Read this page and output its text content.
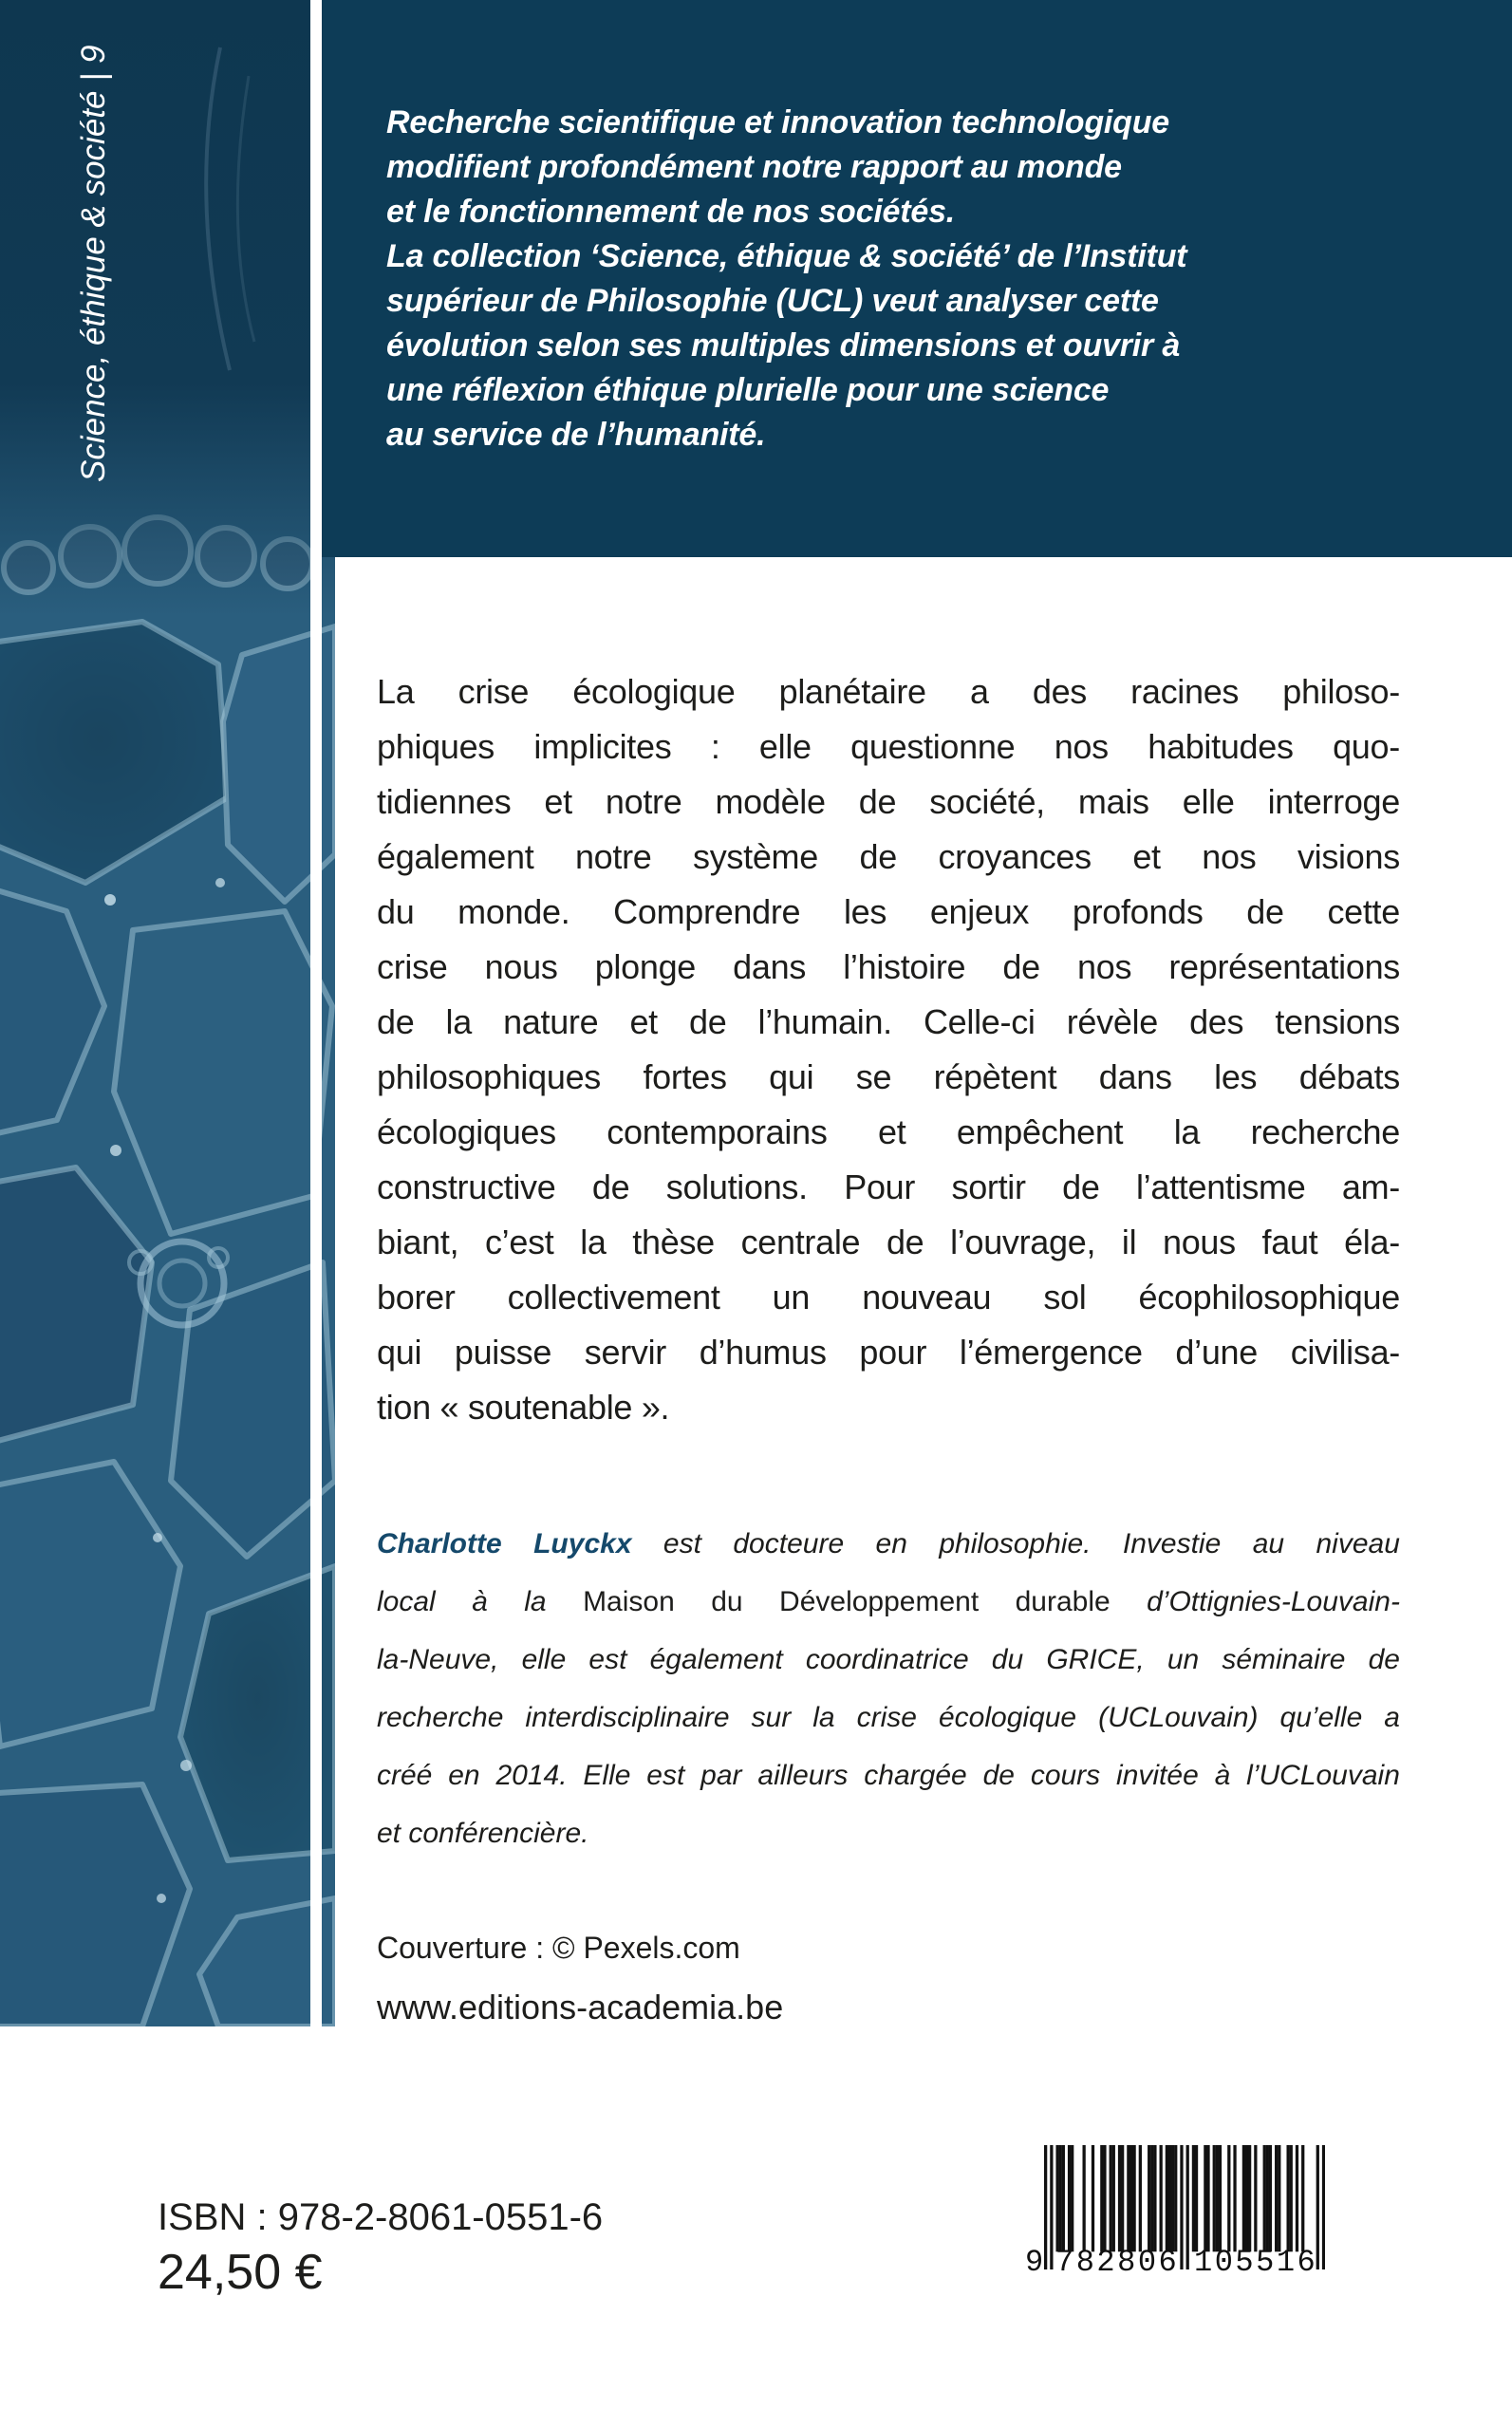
Science, éthique & société | 9	Recherche scientifique et innovation technologique
modifient profondément notre rapport au monde
et le fonctionnement de nos sociétés.
La collection ‘Science, éthique & société’ de l’Institut
supérieur de Philosophie (UCL) veut analyser cette
évolution selon ses multiples dimensions et ouvrir à
une réflexion éthique plurielle pour une science
au service de l’humanité.
La crise écologique planétaire a des racines philoso-
phiques implicites : elle questionne nos habitudes quo-
tidiennes et notre modèle de société, mais elle interroge
également notre système de croyances et nos visions
du monde. Comprendre les enjeux profonds de cette
crise nous plonge dans l’histoire de nos représentations
de la nature et de l’humain. Celle-ci révèle des tensions
philosophiques fortes qui se répètent dans les débats
écologiques contemporains et empêchent la recherche
constructive de solutions. Pour sortir de l’attentisme am-
biant, c’est la thèse centrale de l’ouvrage, il nous faut éla-
borer collectivement un nouveau sol écophilosophique
qui puisse servir d’humus pour l’émergence d’une civilisa-
tion « soutenable ».
Charlotte Luyckx est docteure en philosophie. Investie au niveau
local à la Maison du Développement durable d’Ottignies-Louvain-
la-Neuve, elle est également coordinatrice du GRICE, un séminaire de
recherche interdisciplinaire sur la crise écologique (UCLouvain) qu’elle a
créé en 2014. Elle est par ailleurs chargée de cours invitée à l’UCLouvain
et conférencière.
Couverture : © Pexels.com
www.editions-academia.be
ISBN : 978-2-8061-0551-6
24,50 €	9 782806 105516
